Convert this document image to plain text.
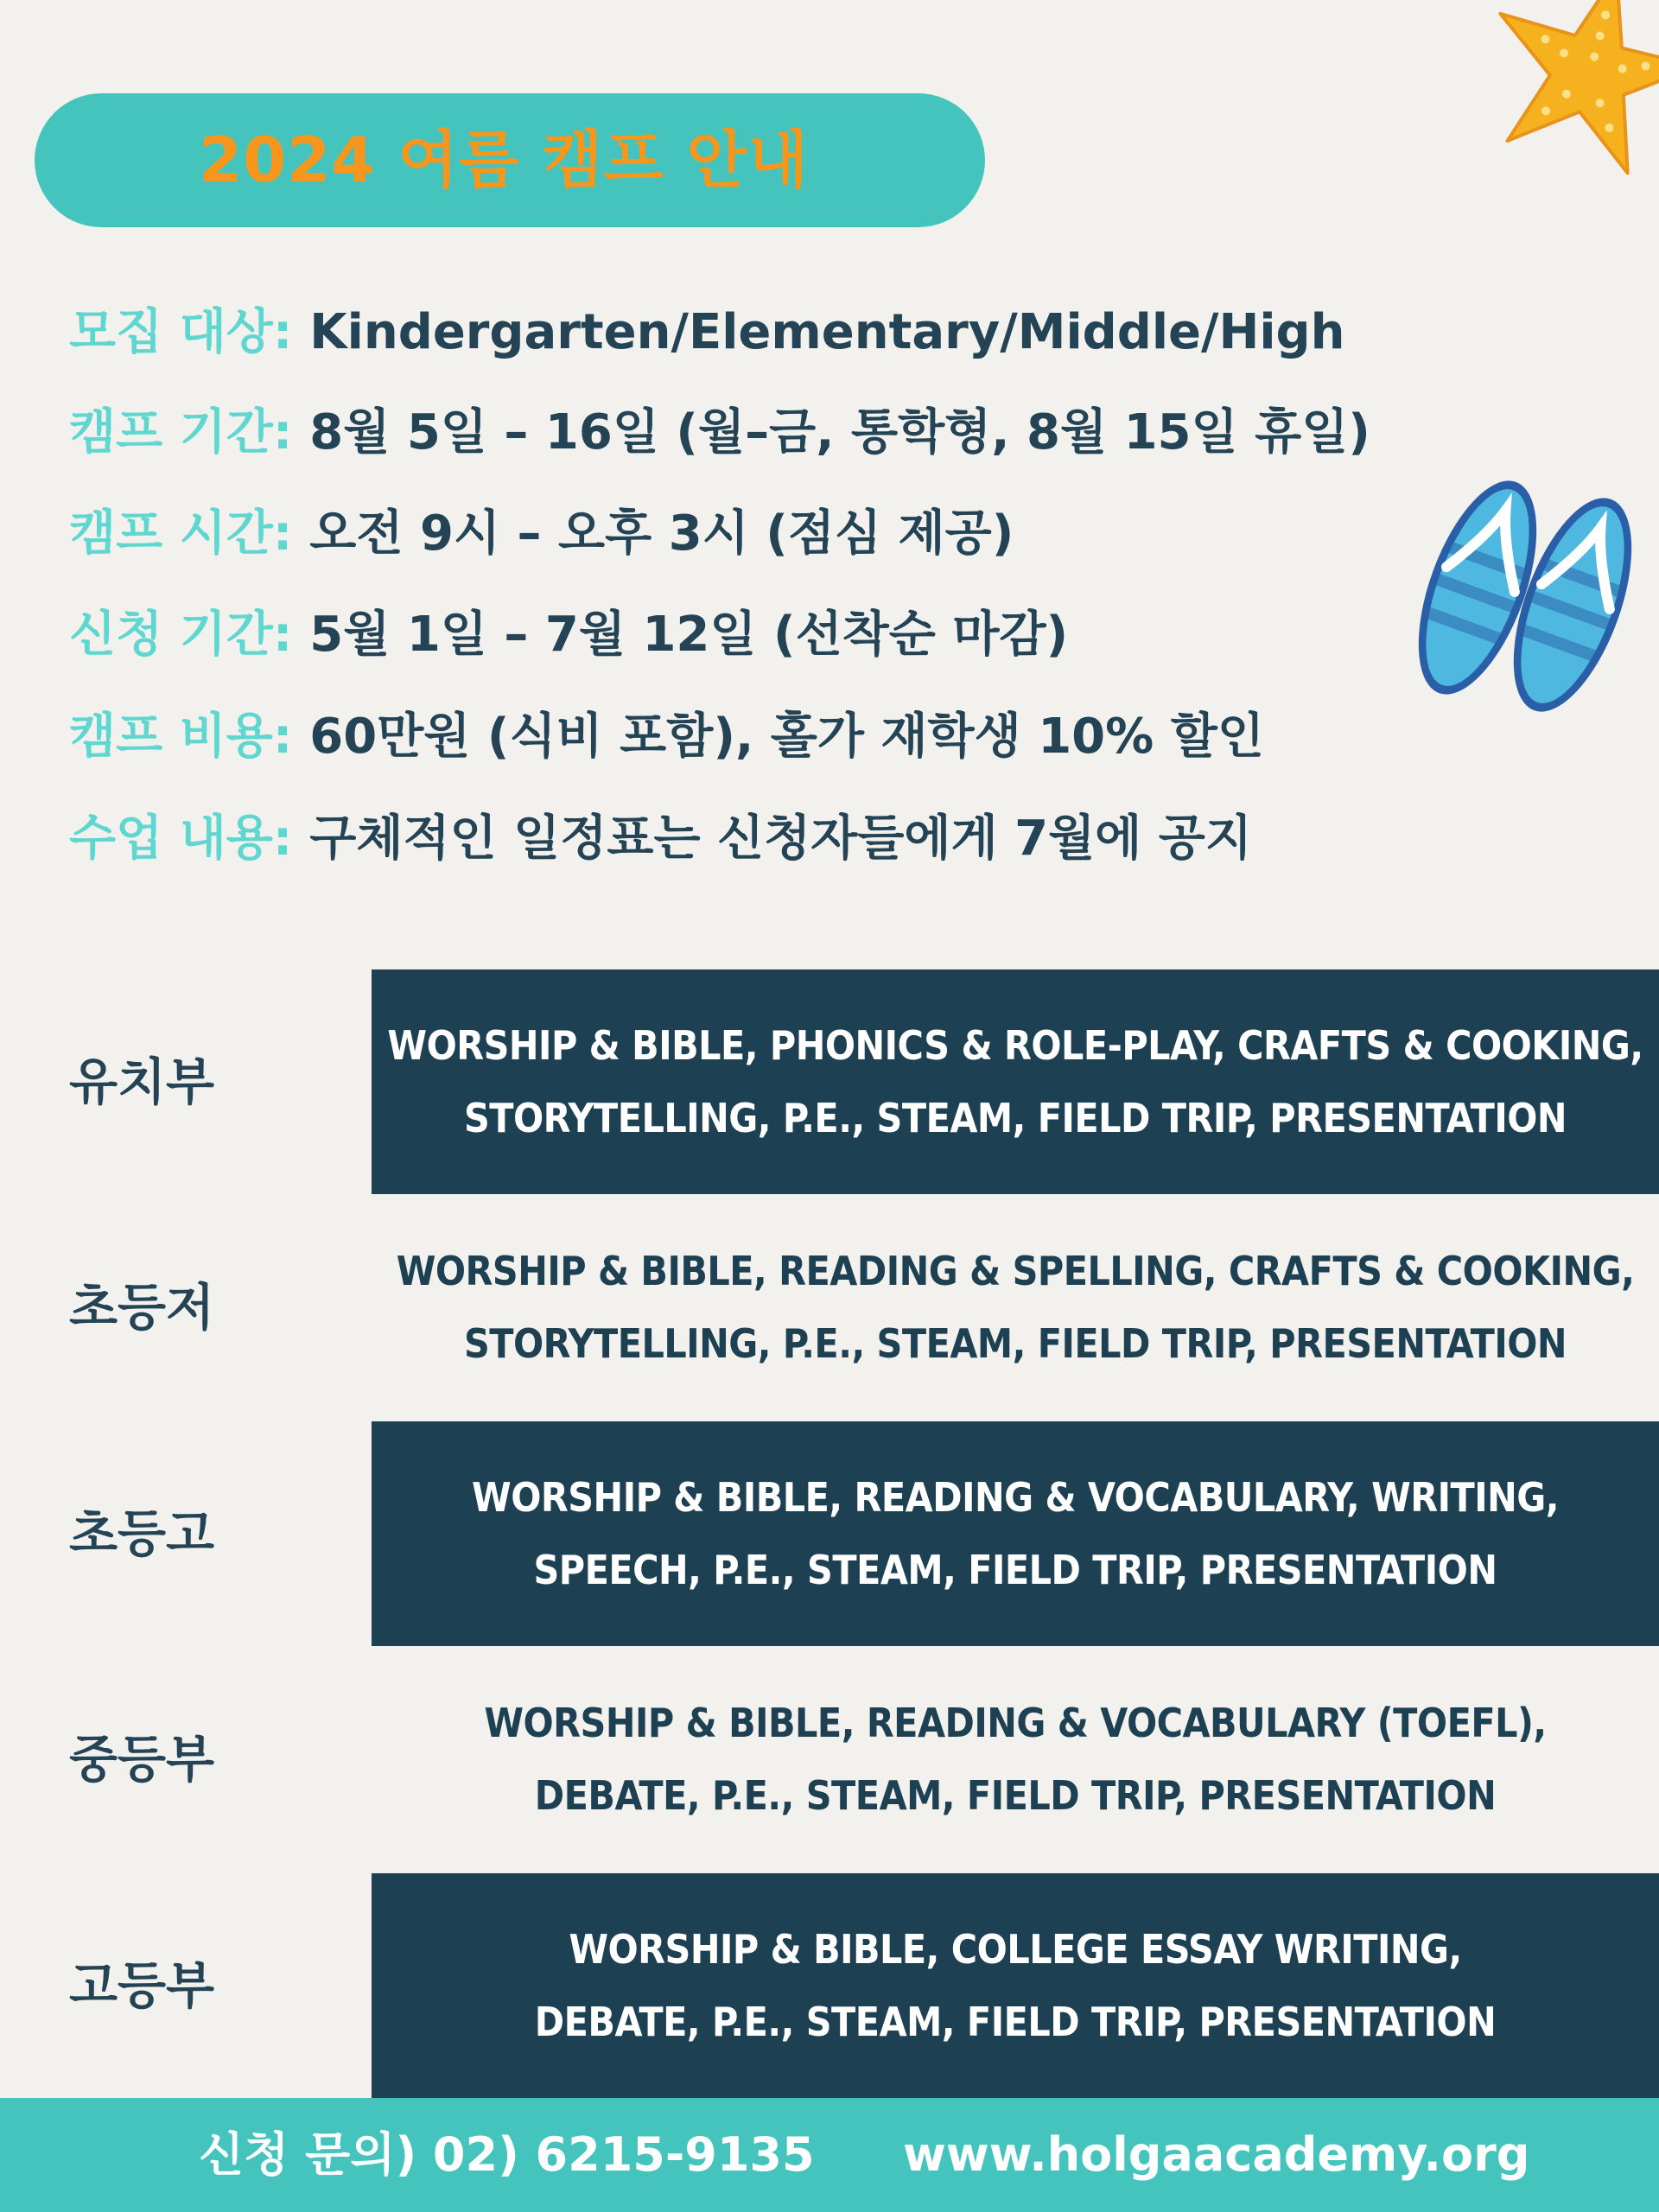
2024 여름 캠프 안내
모집 대상: Kindergarten/Elementary/Middle/High
캠프 기간: 8월 5일 – 16일 (월–금, 통학형, 8월 15일 휴일)
캠프 시간: 오전 9시 – 오후 3시 (점심 제공)
신청 기간: 5월 1일 – 7월 12일 (선착순 마감)
캠프 비용: 60만원 (식비 포함), 홀가 재학생 10% 할인
수업 내용: 구체적인 일정표는 신청자들에게 7월에 공지
유치부
WORSHIP & BIBLE, PHONICS & ROLE-PLAY, CRAFTS & COOKING,
STORYTELLING, P.E., STEAM, FIELD TRIP, PRESENTATION
초등저
WORSHIP & BIBLE, READING & SPELLING, CRAFTS & COOKING,
STORYTELLING, P.E., STEAM, FIELD TRIP, PRESENTATION
초등고
WORSHIP & BIBLE, READING & VOCABULARY, WRITING,
SPEECH, P.E., STEAM, FIELD TRIP, PRESENTATION
중등부
WORSHIP & BIBLE, READING & VOCABULARY (TOEFL),
DEBATE, P.E., STEAM, FIELD TRIP, PRESENTATION
고등부
WORSHIP & BIBLE, COLLEGE ESSAY WRITING,
DEBATE, P.E., STEAM, FIELD TRIP, PRESENTATION
신청 문의) 02) 6215-9135 www.holgaacademy.org
